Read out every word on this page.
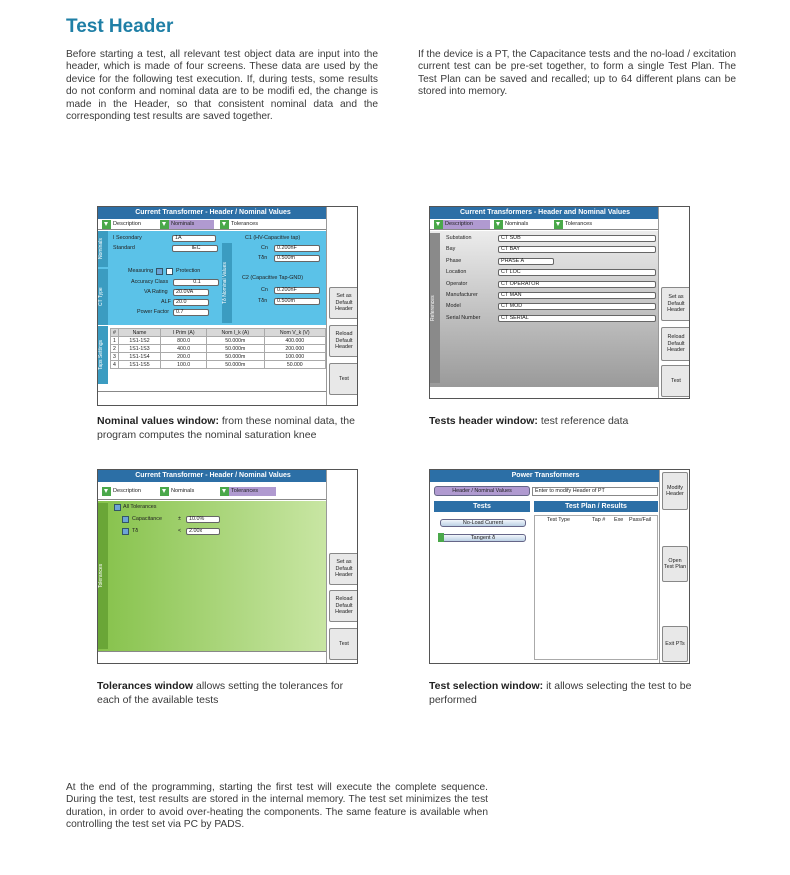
Test Header
Before starting a test, all relevant test object data are input into the header, which is made of four screens. These data are used by the device for the following test execution. If, during tests, some results do not conform and nominal data are to be modifi ed, the change is made in the Header, so that consistent nominal data and the corresponding test results are saved together.
If the device is a PT, the Capacitance tests and the no-load / excitation current test can be pre-set together, to form a single Test Plan. The Test Plan can be saved and recalled; up to 64 different plans can be stored into memory.
Current Transformer - Header / Nominal Values
Description	Nominals	Tolerances
Nominals
CT Type
I Secondary	1A
Standard	IEC
Tδ Nominal Values
C1 (HV-Capacitive tap)
Cn	0.200nF
Tδn	0.500m
C2 (Capacitive Tap-GND)
Cn	0.200nF
Tδn	0.500m
Measuring	Protection
Accuracy Class	0.1
VA Rating	20.0VA
ALF 20.0
Power Factor	0.7
Taps Settings
#	Name	I Prim (A)	Nom I_k (A)	Nom V_k (V)
1	1S1-1S2	800.0	50.000m	400.000
2	1S1-1S3	400.0	50.000m	200.000
3	1S1-1S4	200.0	50.000m	100.000
4	1S1-1S5	100.0	50.000m	50.000
Set as Default Header
Reload Default Header
Test
Current Transformers - Header and Nominal Values
Description	Nominals	Tolerances
References
Substation	CT SUB
Bay	CT BAY
Phase	PHASE A
Location	CT LOC
Operator	CT OPERATOR
Manufacturer	CT MAN
Model	CT MOD
Serial Number	CT SERIAL
Set as Default Header
Reload Default Header
Test
Current Transformer - Header / Nominal Values
Description	Nominals	Tolerances
Tolerances
All Tolerances
Capacitance	±	10.0%
Tδ	<	2.00x
Set as Default Header
Reload Default Header
Test
Power Transformers
Header / Nominal Values	Enter to modify Header of PT
Tests	Test Plan / Results
No-Load Current
Tangent δ
Test Type	Tap # Exe Pass/Fail
Modify Header
Open Test Plan
Exit PTs
Nominal values window: from these nominal data, the program computes the nominal saturation knee
Tests header window: test reference data
Tolerances window allows setting the tolerances for each of the available tests
Test selection window: it allows selecting the test to be performed
At the end of the programming, starting the first test will execute the complete sequence. During the test, test results are stored in the internal memory. The test set minimizes the test duration, in order to avoid over-heating the components. The same feature is available when controlling the test set via PC by PADS.
